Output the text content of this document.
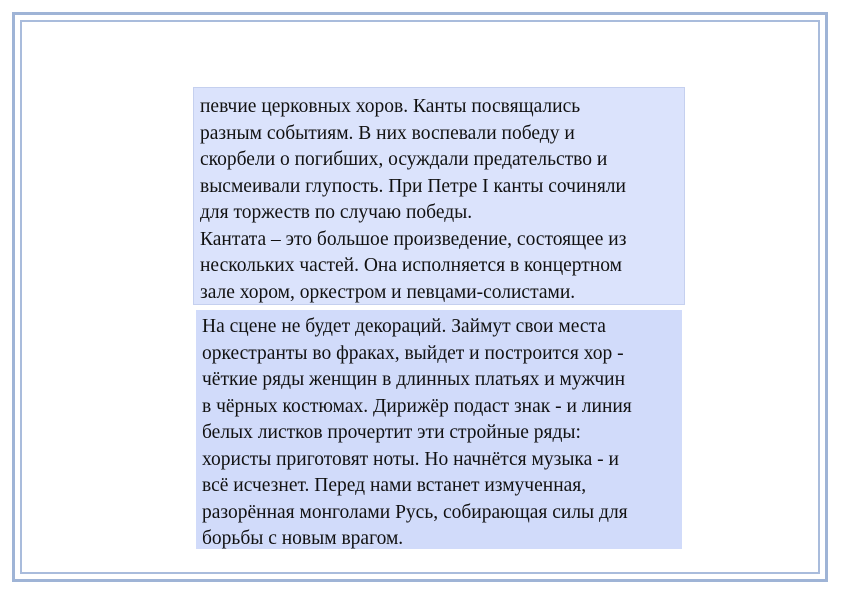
певчие церковных хоров. Канты посвящались
разным событиям. В них воспевали победу и
скорбели о погибших, осуждали предательство и
высмеивали глупость. При Петре I канты сочиняли
для торжеств по случаю победы.

Кантата – это большое произведение, состоящее из
нескольких частей. Она исполняется в концертном
зале хором, оркестром и певцами-солистами.

На сцене не будет декораций. Займут свои места
оркестранты во фраках, выйдет и построится хор -
чёткие ряды женщин в длинных платьях и мужчин
в чёрных костюмах. Дирижёр подаст знак - и линия
белых листков прочертит эти стройные ряды:
хористы приготовят ноты. Но начнётся музыка - и
всё исчезнет. Перед нами встанет измученная,
разорённая монголами Русь, собирающая силы для
борьбы с новым врагом.
